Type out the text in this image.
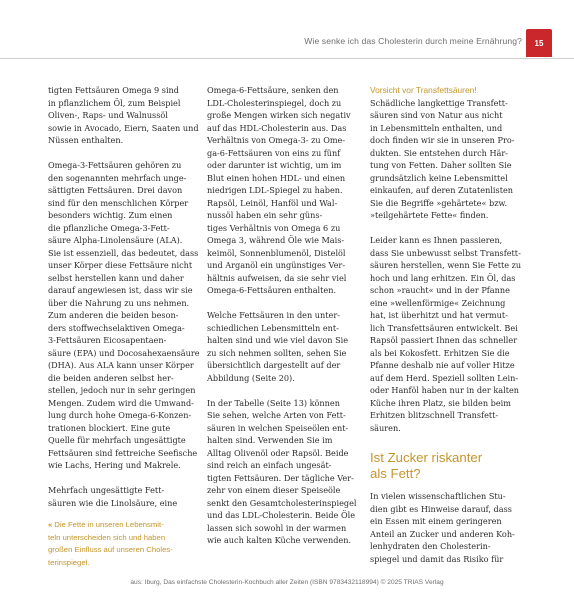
Wie senke ich das Cholesterin durch meine Ernährung?	15
tigten Fettsäuren Omega 9 sind
in pflanzlichem Öl, zum Beispiel
Oliven-, Raps- und Walnussöl
sowie in Avocado, Eiern, Saaten und
Nüssen enthalten.
Omega-3-Fettsäuren gehören zu
den sogenannten mehrfach unge-
sättigten Fettsäuren. Drei davon
sind für den menschlichen Körper
besonders wichtig. Zum einen
die pflanzliche Omega-3-Fett-
säure Alpha-Linolensäure (ALA).
Sie ist essenziell, das bedeutet, dass
unser Körper diese Fettsäure nicht
selbst herstellen kann und daher
darauf angewiesen ist, dass wir sie
über die Nahrung zu uns nehmen.
Zum anderen die beiden beson-
ders stoffwechselaktiven Omega-
3-Fettsäuren Eicosapentaen-
säure (EPA) und Docosahexaensäure
(DHA). Aus ALA kann unser Körper
die beiden anderen selbst her-
stellen, jedoch nur in sehr geringen
Mengen. Zudem wird die Umwand-
lung durch hohe Omega-6-Konzen-
trationen blockiert. Eine gute
Quelle für mehrfach ungesättigte
Fettsäuren sind fettreiche Seefische
wie Lachs, Hering und Makrele.
Mehrfach ungesättigte Fett-
säuren wie die Linolsäure, eine
« Die Fette in unseren Lebensmit-
teln unterscheiden sich und haben
großen Einfluss auf unseren Choles-
terinspiegel.
Omega-6-Fettsäure, senken den
LDL-Cholesterinspiegel, doch zu
große Mengen wirken sich negativ
auf das HDL-Cholesterin aus. Das
Verhältnis von Omega-3- zu Ome-
ga-6-Fettsäuren von eins zu fünf
oder darunter ist wichtig, um im
Blut einen hohen HDL- und einen
niedrigen LDL-Spiegel zu haben.
Rapsöl, Leinöl, Hanföl und Wal-
nussöl haben ein sehr güns-
tiges Verhältnis von Omega 6 zu
Omega 3, während Öle wie Mais-
keimöl, Sonnenblumenöl, Distelöl
und Arganöl ein ungünstiges Ver-
hältnis aufweisen, da sie sehr viel
Omega-6-Fettsäuren enthalten.
Welche Fettsäuren in den unter-
schiedlichen Lebensmitteln ent-
halten sind und wie viel davon Sie
zu sich nehmen sollten, sehen Sie
übersichtlich dargestellt auf der
Abbildung (Seite 20).
In der Tabelle (Seite 13) können
Sie sehen, welche Arten von Fett-
säuren in welchen Speiseölen ent-
halten sind. Verwenden Sie im
Alltag Olivenöl oder Rapsöl. Beide
sind reich an einfach ungesät-
tigten Fettsäuren. Der tägliche Ver-
zehr von einem dieser Speiseöle
senkt den Gesamtcholesterinspiegel
und das LDL-Cholesterin. Beide Öle
lassen sich sowohl in der warmen
wie auch kalten Küche verwenden.
Vorsicht vor Transfettsäuren!
Schädliche langkettige Transfett-
säuren sind von Natur aus nicht
in Lebensmitteln enthalten, und
doch finden wir sie in unseren Pro-
dukten. Sie entstehen durch Här-
tung von Fetten. Daher sollten Sie
grundsätzlich keine Lebensmittel
einkaufen, auf deren Zutatenlisten
Sie die Begriffe »gehärtete« bzw.
»teilgehärtete Fette« finden.
Leider kann es Ihnen passieren,
dass Sie unbewusst selbst Transfett-
säuren herstellen, wenn Sie Fette zu
hoch und lang erhitzen. Ein Öl, das
schon »raucht« und in der Pfanne
eine »wellenförmige« Zeichnung
hat, ist überhitzt und hat vermut-
lich Transfettsäuren entwickelt. Bei
Rapsöl passiert Ihnen das schneller
als bei Kokosfett. Erhitzen Sie die
Pfanne deshalb nie auf voller Hitze
auf dem Herd. Speziell sollten Lein-
oder Hanföl haben nur in der kalten
Küche ihren Platz, sie bilden beim
Erhitzen blitzschnell Transfett-
säuren.
Ist Zucker riskanter
als Fett?
In vielen wissenschaftlichen Stu-
dien gibt es Hinweise darauf, dass
ein Essen mit einem geringeren
Anteil an Zucker und anderen Koh-
lenhydraten den Cholesterin-
spiegel und damit das Risiko für
aus: Iburg, Das einfachste Cholesterin-Kochbuch aller Zeiten (ISBN 9783432118994) © 2025 TRIAS Verlag
